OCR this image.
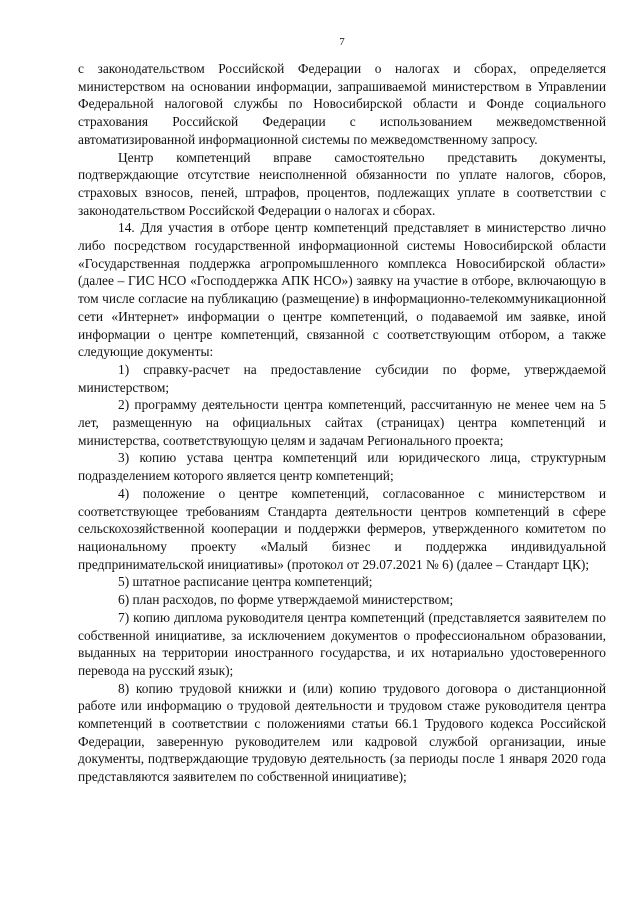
7

с законодательством Российской Федерации о налогах и сборах, определяется министерством на основании информации, запрашиваемой министерством в Управлении Федеральной налоговой службы по Новосибирской области и Фонде социального страхования Российской Федерации с использованием межведомственной автоматизированной информационной системы по межведомственному запросу.

Центр компетенций вправе самостоятельно представить документы, подтверждающие отсутствие неисполненной обязанности по уплате налогов, сборов, страховых взносов, пеней, штрафов, процентов, подлежащих уплате в соответствии с законодательством Российской Федерации о налогах и сборах.

14. Для участия в отборе центр компетенций представляет в министерство лично либо посредством государственной информационной системы Новосибирской области «Государственная поддержка агропромышленного комплекса Новосибирской области» (далее – ГИС НСО «Господдержка АПК НСО») заявку на участие в отборе, включающую в том числе согласие на публикацию (размещение) в информационно-телекоммуникационной сети «Интернет» информации о центре компетенций, о подаваемой им заявке, иной информации о центре компетенций, связанной с соответствующим отбором, а также следующие документы:

1) справку-расчет на предоставление субсидии по форме, утверждаемой министерством;

2) программу деятельности центра компетенций, рассчитанную не менее чем на 5 лет, размещенную на официальных сайтах (страницах) центра компетенций и министерства, соответствующую целям и задачам Регионального проекта;

3) копию устава центра компетенций или юридического лица, структурным подразделением которого является центр компетенций;

4) положение о центре компетенций, согласованное с министерством и соответствующее требованиям Стандарта деятельности центров компетенций в сфере сельскохозяйственной кооперации и поддержки фермеров, утвержденного комитетом по национальному проекту «Малый бизнес и поддержка индивидуальной предпринимательской инициативы» (протокол от 29.07.2021 № 6) (далее – Стандарт ЦК);

5) штатное расписание центра компетенций;

6) план расходов, по форме утверждаемой министерством;

7) копию диплома руководителя центра компетенций (представляется заявителем по собственной инициативе, за исключением документов о профессиональном образовании, выданных на территории иностранного государства, и их нотариально удостоверенного перевода на русский язык);

8) копию трудовой книжки и (или) копию трудового договора о дистанционной работе или информацию о трудовой деятельности и трудовом стаже руководителя центра компетенций в соответствии с положениями статьи 66.1 Трудового кодекса Российской Федерации, заверенную руководителем или кадровой службой организации, иные документы, подтверждающие трудовую деятельность (за периоды после 1 января 2020 года представляются заявителем по собственной инициативе);
